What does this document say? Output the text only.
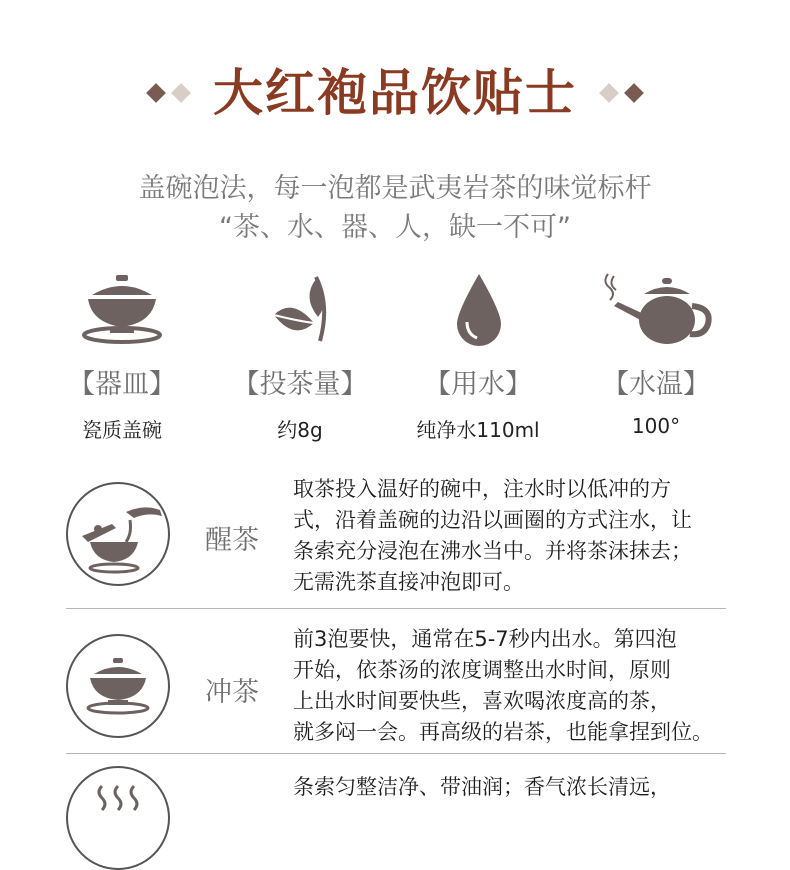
大红袍品饮贴士
盖碗泡法，每一泡都是武夷岩茶的味觉标杆
“茶、水、器、人，缺一不可”
【器皿】	【投茶量】	【用水】	【水温】
瓷质盖碗	约8g	纯净水110ml	100°
醒茶
取茶投入温好的碗中，注水时以低冲的方
式，沿着盖碗的边沿以画圈的方式注水，让
条索充分浸泡在沸水当中。并将茶沫抹去；
无需洗茶直接冲泡即可。
冲茶
前3泡要快，通常在5-7秒内出水。第四泡
开始，依茶汤的浓度调整出水时间，原则
上出水时间要快些，喜欢喝浓度高的茶，
就多闷一会。再高级的岩茶，也能拿捏到位。
条索匀整洁净、带油润；香气浓长清远，
